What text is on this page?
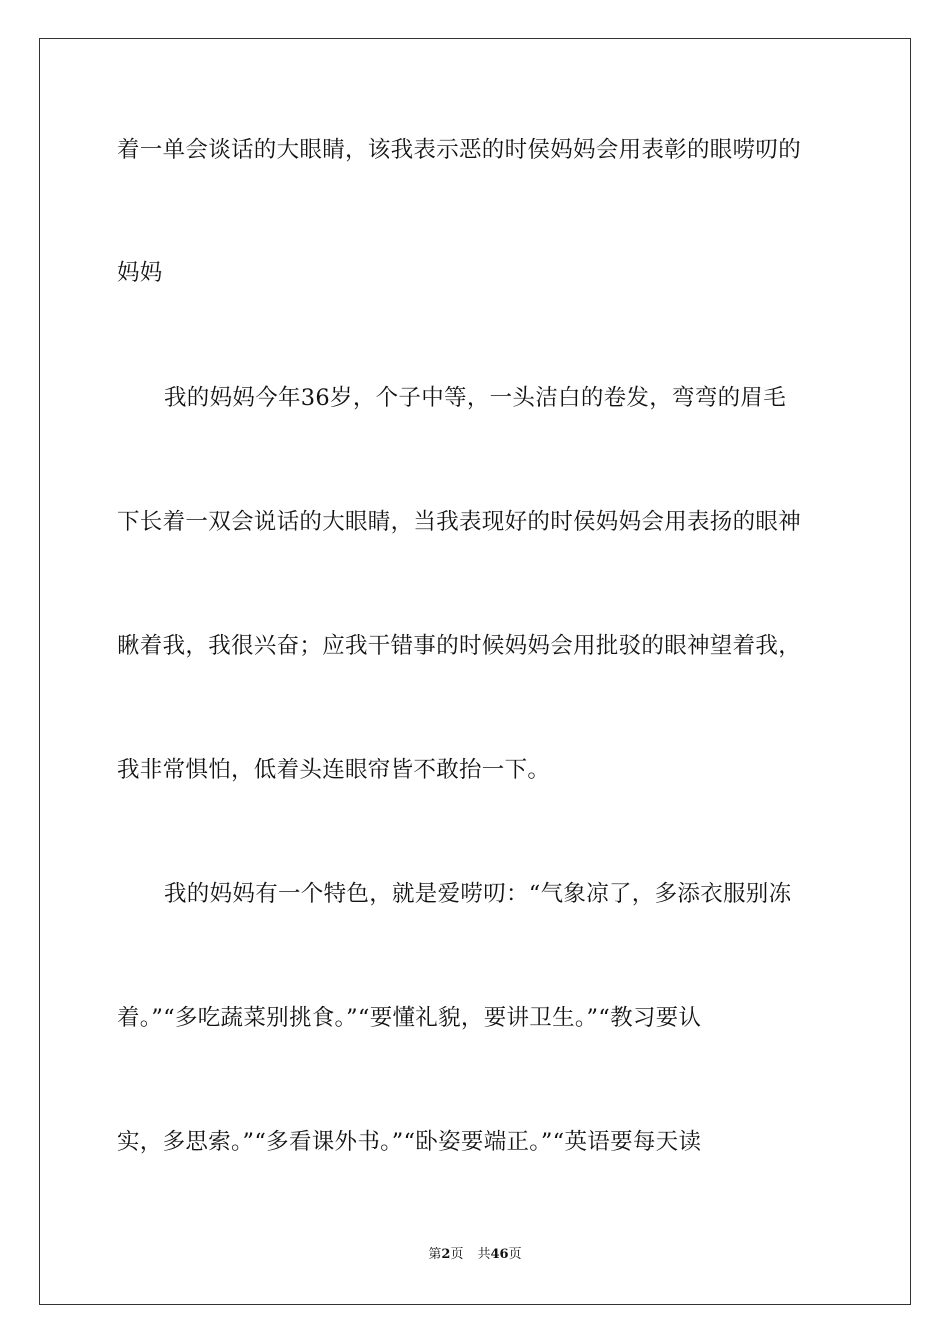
着一单会谈话的大眼睛，该我表示恶的时侯妈妈会用表彰的眼唠叨的
妈妈
我的妈妈今年36岁，个子中等，一头洁白的卷发，弯弯的眉毛
下长着一双会说话的大眼睛，当我表现好的时侯妈妈会用表扬的眼神
瞅着我，我很兴奋；应我干错事的时候妈妈会用批驳的眼神望着我，
我非常惧怕，低着头连眼帘皆不敢抬一下。
我的妈妈有一个特色，就是爱唠叨：“气象凉了，多添衣服别冻
着。”“多吃蔬菜别挑食。”“要懂礼貌，要讲卫生。”“教习要认
实，多思索。”“多看课外书。”“卧姿要端正。”“英语要每天读
第2页 共46页
